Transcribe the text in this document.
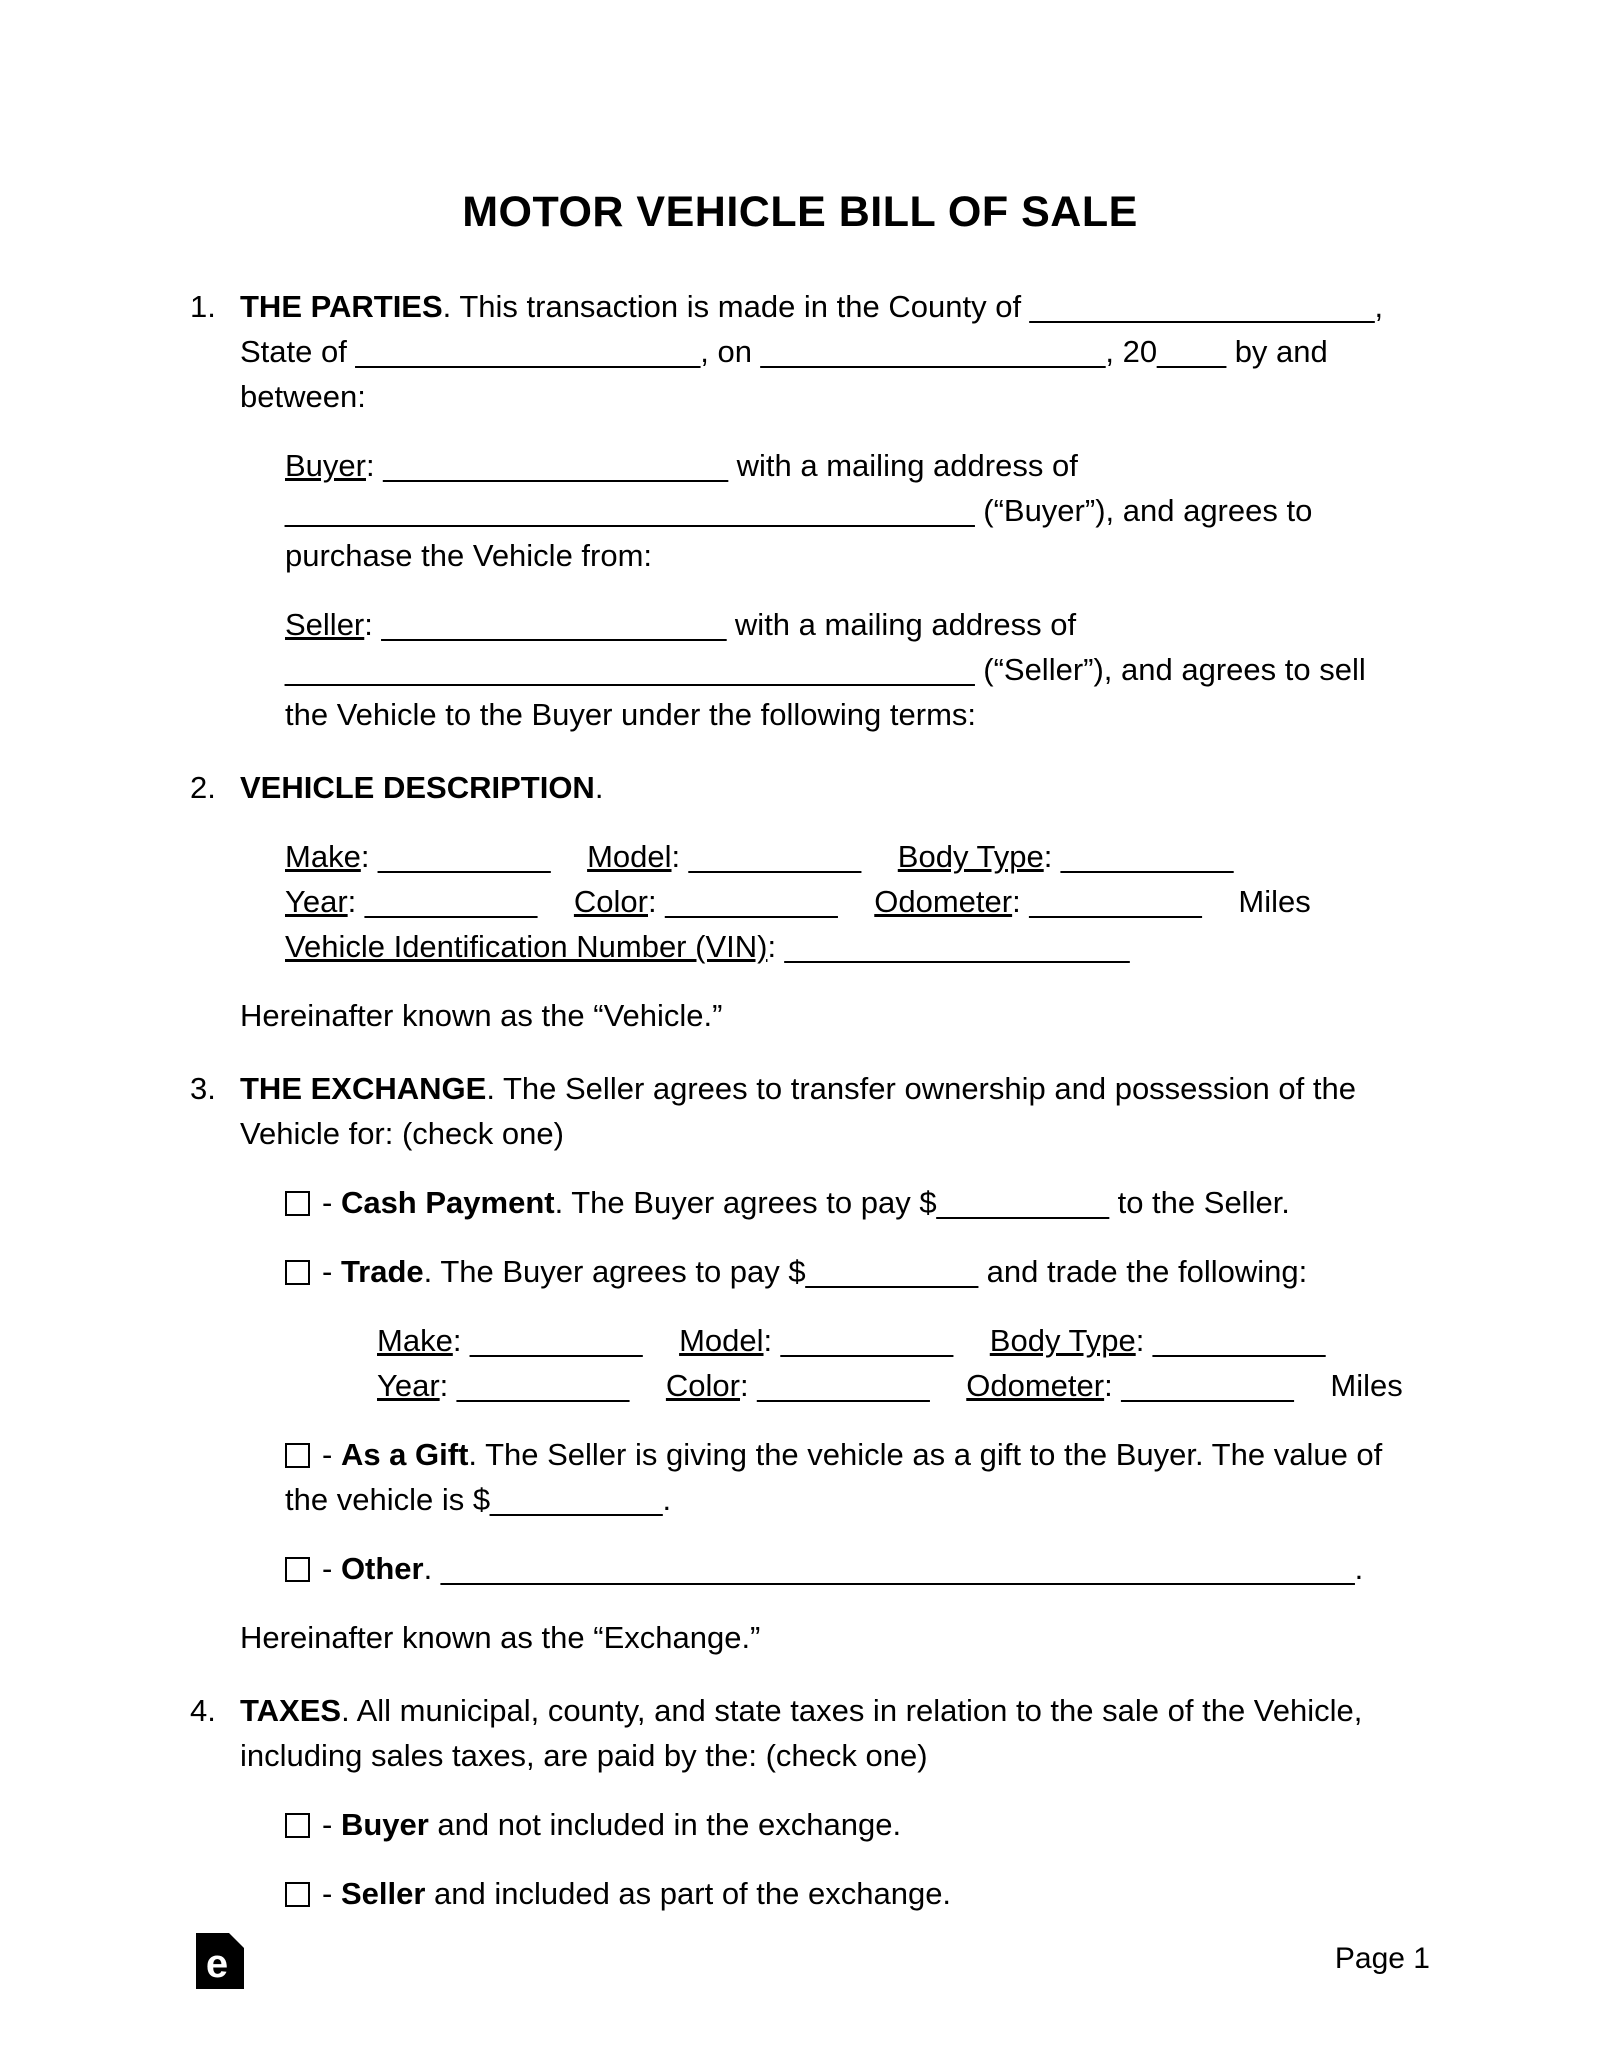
MOTOR VEHICLE BILL OF SALE
1. THE PARTIES. This transaction is made in the County of ____________________, State of ____________________, on ____________________, 20____ by and between:

Buyer: ____________________ with a mailing address of ________________________________________ (“Buyer”), and agrees to purchase the Vehicle from:

Seller: ____________________ with a mailing address of ________________________________________ (“Seller”), and agrees to sell the Vehicle to the Buyer under the following terms:

2. VEHICLE DESCRIPTION.

Make: __________ Model: __________ Body Type: __________
Year: __________ Color: __________ Odometer: __________ Miles
Vehicle Identification Number (VIN): ____________________

Hereinafter known as the “Vehicle.”

3. THE EXCHANGE. The Seller agrees to transfer ownership and possession of the Vehicle for: (check one)

- Cash Payment. The Buyer agrees to pay $__________ to the Seller.

- Trade. The Buyer agrees to pay $__________ and trade the following:

Make: __________ Model: __________ Body Type: __________
Year: __________ Color: __________ Odometer: __________ Miles

- As a Gift. The Seller is giving the vehicle as a gift to the Buyer. The value of the vehicle is $__________.

- Other. _____________________________________________________.

Hereinafter known as the “Exchange.”

4. TAXES. All municipal, county, and state taxes in relation to the sale of the Vehicle, including sales taxes, are paid by the: (check one)

- Buyer and not included in the exchange.

- Seller and included as part of the exchange.

e	Page 1
